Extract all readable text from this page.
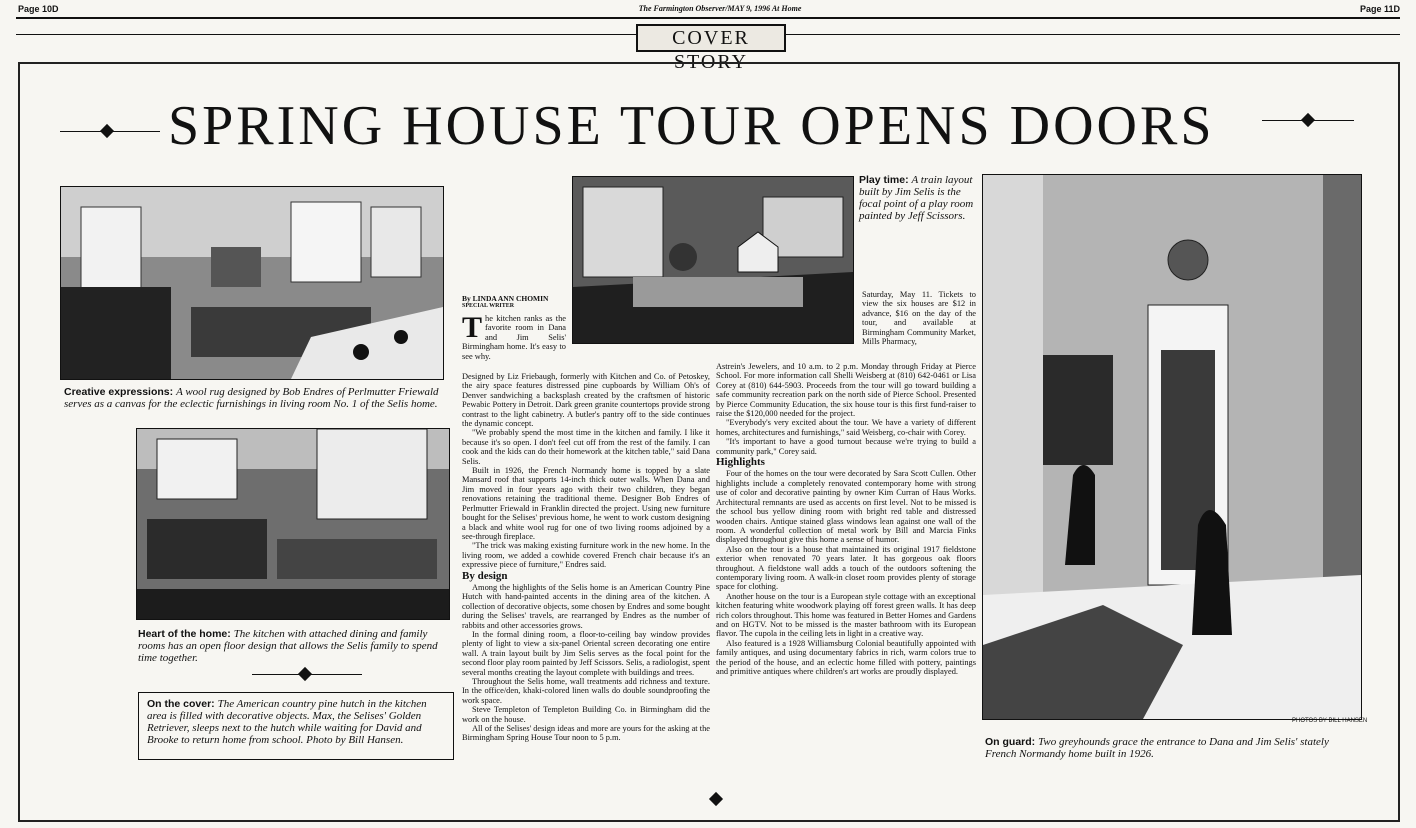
Page 10D	The Farmington Observer/MAY 9, 1996 At Home	Page 11D
COVER STORY
SPRING HOUSE TOUR OPENS DOORS
Creative expressions: A wool rug designed by Bob Endres of Perlmutter Friewald serves as a canvas for the eclectic furnishings in living room No. 1 of the Selis home.
Heart of the home: The kitchen with attached dining and family rooms has an open floor design that allows the Selis family to spend time together.
On the cover: The American country pine hutch in the kitchen area is filled with decorative objects. Max, the Selises' Golden Retriever, sleeps next to the hutch while waiting for David and Brooke to return home from school. Photo by Bill Hansen.
Play time: A train layout built by Jim Selis is the focal point of a play room painted by Jeff Scissors.
PHOTOS BY BILL HANSEN
On guard: Two greyhounds grace the entrance to Dana and Jim Selis' stately French Normandy home built in 1926.
By LINDA ANN CHOMIN
SPECIAL WRITER
The kitchen ranks as the favorite room in Dana and Jim Selis' Birmingham home. It's easy to see why.

Designed by Liz Friebaugh, formerly with Kitchen and Co. of Petoskey, the airy space features distressed pine cupboards by William Oh's of Denver sandwiching a backsplash created by the craftsmen of historic Pewabic Pottery in Detroit. Dark green granite countertops provide strong contrast to the light cabinetry. A butler's pantry off to the side continues the dynamic concept.

"We probably spend the most time in the kitchen and family. I like it because it's so open. I don't feel cut off from the rest of the family. I can cook and the kids can do their homework at the kitchen table," said Dana Selis.

Built in 1926, the French Normandy home is topped by a slate Mansard roof that supports 14-inch thick outer walls. When Dana and Jim moved in four years ago with their two children, they began renovations retaining the traditional theme. Designer Bob Endres of Perlmutter Friewald in Franklin directed the project. Using new furniture bought for the Selises' previous home, he went to work custom designing a black and white wool rug for one of two living rooms adjoined by a see-through fireplace.

"The trick was making existing furniture work in the new home. In the living room, we added a cowhide covered French chair because it's an expressive piece of furniture," Endres said.

By design

Among the highlights of the Selis home is an American Country Pine Hutch with hand-painted accents in the dining area of the kitchen. A collection of decorative objects, some chosen by Endres and some bought during the Selises' travels, are rearranged by Endres as the number of rabbits and other accessories grows.

In the formal dining room, a floor-to-ceiling bay window provides plenty of light to view a six-panel Oriental screen decorating one entire wall. A train layout built by Jim Selis serves as the focal point for the second floor play room painted by Jeff Scissors. Selis, a radiologist, spent several months creating the layout complete with buildings and trees.

Throughout the Selis home, wall treatments add richness and texture. In the office/den, khaki-colored linen walls do double soundproofing the work space.

Steve Templeton of Templeton Building Co. in Birmingham did the work on the house.

All of the Selises' design ideas and more are yours for the asking at the Birmingham Spring House Tour noon to 5 p.m.

Saturday, May 11. Tickets to view the six houses are $12 in advance, $16 on the day of the tour, and available at Birmingham Community Market, Mills Pharmacy,

Astrein's Jewelers, and 10 a.m. to 2 p.m. Monday through Friday at Pierce School. For more information call Shelli Weisberg at (810) 642-0461 or Lisa Corey at (810) 644-5903. Proceeds from the tour will go toward building a safe community recreation park on the north side of Pierce School. Presented by Pierce Community Education, the six house tour is this first fund-raiser to raise the $120,000 needed for the project.

"Everybody's very excited about the tour. We have a variety of different homes, architectures and furnishings," said Weisberg, co-chair with Corey.

"It's important to have a good turnout because we're trying to build a community park," Corey said.

Highlights

Four of the homes on the tour were decorated by Sara Scott Cullen. Other highlights include a completely renovated contemporary home with strong use of color and decorative painting by owner Kim Curran of Haus Works. Architectural remnants are used as accents on first level. Not to be missed is the school bus yellow dining room with bright red table and distressed wooden chairs. Antique stained glass windows lean against one wall of the room. A wonderful collection of metal work by Bill and Marcia Finks displayed throughout give this home a sense of humor.

Also on the tour is a house that maintained its original 1917 fieldstone exterior when renovated 70 years later. It has gorgeous oak floors throughout. A fieldstone wall adds a touch of the outdoors softening the contemporary living room. A walk-in closet room provides plenty of storage space for clothing.

Another house on the tour is a European style cottage with an exceptional kitchen featuring white woodwork playing off forest green walls. It has deep rich colors throughout. This home was featured in Better Homes and Gardens and on HGTV. Not to be missed is the master bathroom with its European flavor. The cupola in the ceiling lets in light in a creative way.

Also featured is a 1928 Williamsburg Colonial beautifully appointed with family antiques, and using documentary fabrics in rich, warm colors true to the period of the house, and an eclectic home filled with pottery, paintings and primitive antiques where children's art works are proudly displayed.
